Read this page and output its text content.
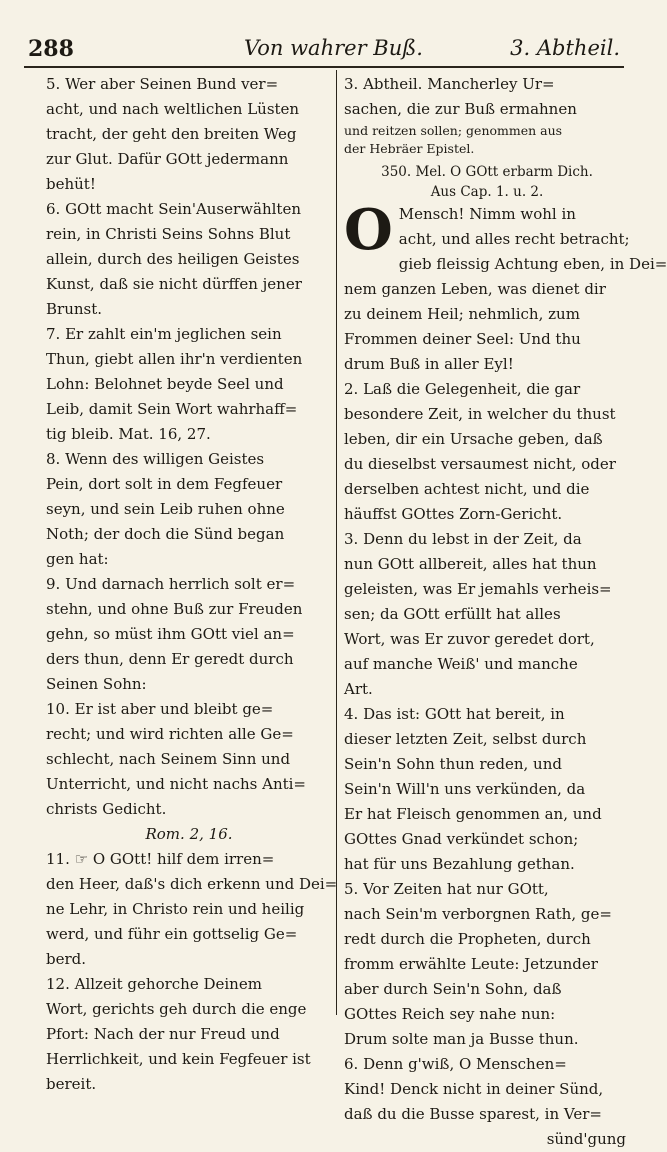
288	Von wahrer Buß.	3. Abtheil.
5. Wer aber Seinen Bund ver=
acht, und nach weltlichen Lüsten
tracht, der geht den breiten Weg
zur Glut. Dafür GOtt jedermann
behüt!
6. GOtt macht Sein'Auserwählten
rein, in Christi Seins Sohns Blut
allein, durch des heiligen Geistes
Kunst, daß sie nicht dürffen jener
Brunst.
7. Er zahlt ein'm jeglichen sein
Thun, giebt allen ihr'n verdienten
Lohn: Belohnet beyde Seel und
Leib, damit Sein Wort wahrhaff=
tig bleib. Mat. 16, 27.
8. Wenn des willigen Geistes
Pein, dort solt in dem Fegfeuer
seyn, und sein Leib ruhen ohne
Noth; der doch die Sünd began
gen hat:
9. Und darnach herrlich solt er=
stehn, und ohne Buß zur Freuden
gehn, so müst ihm GOtt viel an=
ders thun, denn Er geredt durch
Seinen Sohn:
10. Er ist aber und bleibt ge=
recht; und wird richten alle Ge=
schlecht, nach Seinem Sinn und
Unterricht, und nicht nachs Anti=
christs Gedicht.
Rom. 2, 16.
11. ☞ O GOtt! hilf dem irren=
den Heer, daß's dich erkenn und Dei=
ne Lehr, in Christo rein und heilig
werd, und führ ein gottselig Ge=
berd.
12. Allzeit gehorche Deinem
Wort, gerichts geh durch die enge
Pfort: Nach der nur Freud und
Herrlichkeit, und kein Fegfeuer ist
bereit.
3. Abtheil. Mancherley Ur=
sachen, die zur Buß ermahnen
und reitzen sollen; genommen aus
der Hebräer Epistel.
350. Mel. O GOtt erbarm Dich.
Aus Cap. 1. u. 2.
O Mensch! Nimm wohl in
acht, und alles recht betracht;
gieb fleissig Achtung eben, in Dei=
nem ganzen Leben, was dienet dir
zu deinem Heil; nehmlich, zum
Frommen deiner Seel: Und thu
drum Buß in aller Eyl!
2. Laß die Gelegenheit, die gar
besondere Zeit, in welcher du thust
leben, dir ein Ursache geben, daß
du dieselbst versaumest nicht, oder
derselben achtest nicht, und die
häuffst GOttes Zorn-Gericht.
3. Denn du lebst in der Zeit, da
nun GOtt allbereit, alles hat thun
geleisten, was Er jemahls verheis=
sen; da GOtt erfüllt hat alles
Wort, was Er zuvor geredet dort,
auf manche Weiß' und manche
Art.
4. Das ist: GOtt hat bereit, in
dieser letzten Zeit, selbst durch
Sein'n Sohn thun reden, und
Sein'n Will'n uns verkünden, da
Er hat Fleisch genommen an, und
GOttes Gnad verkündet schon;
hat für uns Bezahlung gethan.
5. Vor Zeiten hat nur GOtt,
nach Sein'm verborgnen Rath, ge=
redt durch die Propheten, durch
fromm erwählte Leute: Jetzunder
aber durch Sein'n Sohn, daß
GOttes Reich sey nahe nun:
Drum solte man ja Busse thun.
6. Denn g'wiß, O Menschen=
Kind! Denck nicht in deiner Sünd,
daß du die Busse sparest, in Ver=
sünd'gung
